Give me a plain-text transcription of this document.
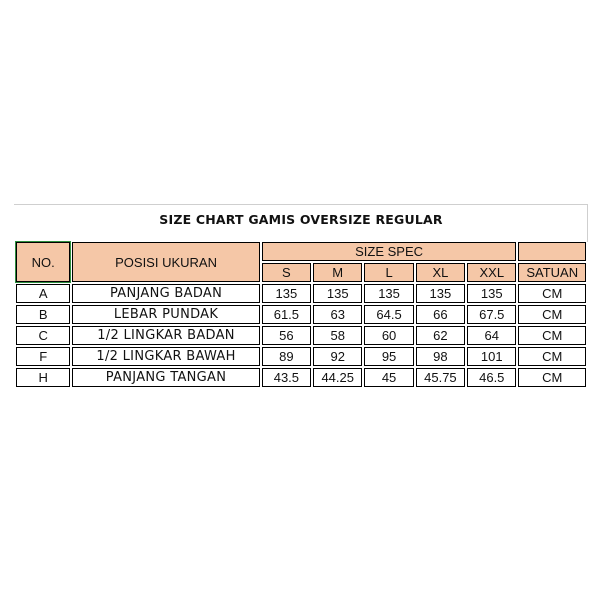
SIZE CHART GAMIS OVERSIZE REGULAR
NO.	POSISI UKURAN	SIZE SPEC					
		S	M	L	XL	XXL	SATUAN
A	PANJANG BADAN	135	135	135	135	135	CM
B	LEBAR PUNDAK	61.5	63	64.5	66	67.5	CM
C	1/2 LINGKAR BADAN	56	58	60	62	64	CM
F	1/2 LINGKAR BAWAH	89	92	95	98	101	CM
H	PANJANG TANGAN	43.5	44.25	45	45.75	46.5	CM
